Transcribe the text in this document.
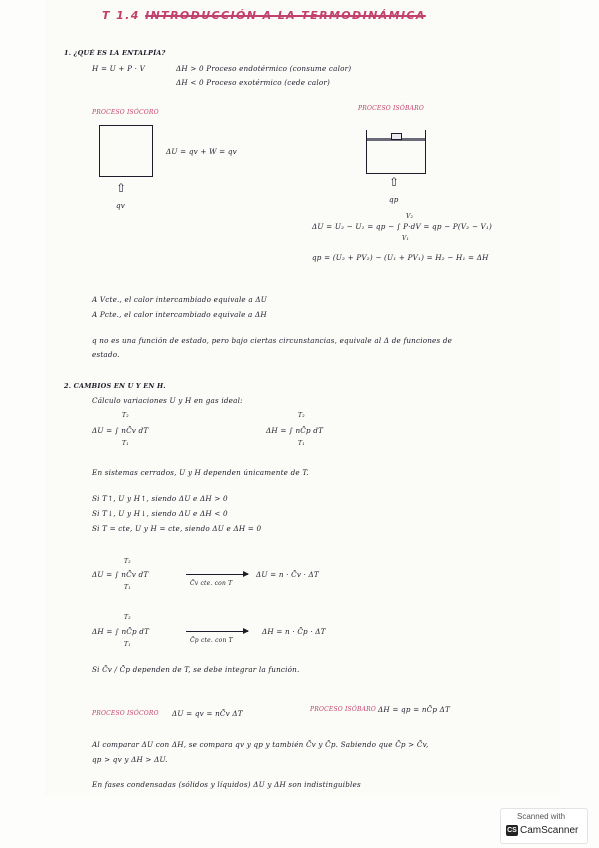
T 1.4 INTRODUCCIÓN A LA TERMODINÁMICA
1. ¿QUÉ ES LA ENTALPÍA?
H = U + P · V	ΔH > 0 Proceso endotérmico (consume calor)
ΔH < 0 Proceso exotérmico (cede calor)
PROCESO ISÓCORO
ΔU = qv + W = qv
⇧
qv
PROCESO ISÓBARO
⇧
qp
V₂
V₁
ΔU = U₂ − U₁ = qp − ∫ P·dV = qp − P(V₂ − V₁)
qp = (U₂ + PV₂) − (U₁ + PV₁) = H₂ − H₁ = ΔH
A Vcte., el calor intercambiado equivale a ΔU
A Pcte., el calor intercambiado equivale a ΔH
q no es una función de estado, pero bajo ciertas circunstancias, equivale al Δ de funciones de
estado.
2. CAMBIOS EN U Y EN H.
Cálculo variaciones U y H en gas ideal:
T₂
ΔU = ∫ nC̄v dT
T₁
T₂
ΔH = ∫ nC̄p dT
T₁
En sistemas cerrados, U y H dependen únicamente de T.
Si T↑, U y H↑, siendo ΔU e ΔH > 0
Si T↓, U y H↓, siendo ΔU e ΔH < 0
Si T = cte, U y H = cte, siendo ΔU e ΔH = 0
T₂
ΔU = ∫ nC̄v dT
T₁
C̄v cte. con T
ΔU = n · C̄v · ΔT
T₂
ΔH = ∫ nC̄p dT
T₁
C̄p cte. con T
ΔH = n · C̄p · ΔT
Si C̄v / C̄p dependen de T, se debe integrar la función.
PROCESO ISÓCORO ΔU = qv = nC̄v ΔT	PROCESO ISÓBARO ΔH = qp = nC̄p ΔT
Al comparar ΔU con ΔH, se compara qv y qp y también C̄v y C̄p. Sabiendo que C̄p > C̄v,
qp > qv y ΔH > ΔU.
En fases condensadas (sólidos y líquidos) ΔU y ΔH son indistinguibles
Scanned with
CS CamScanner
